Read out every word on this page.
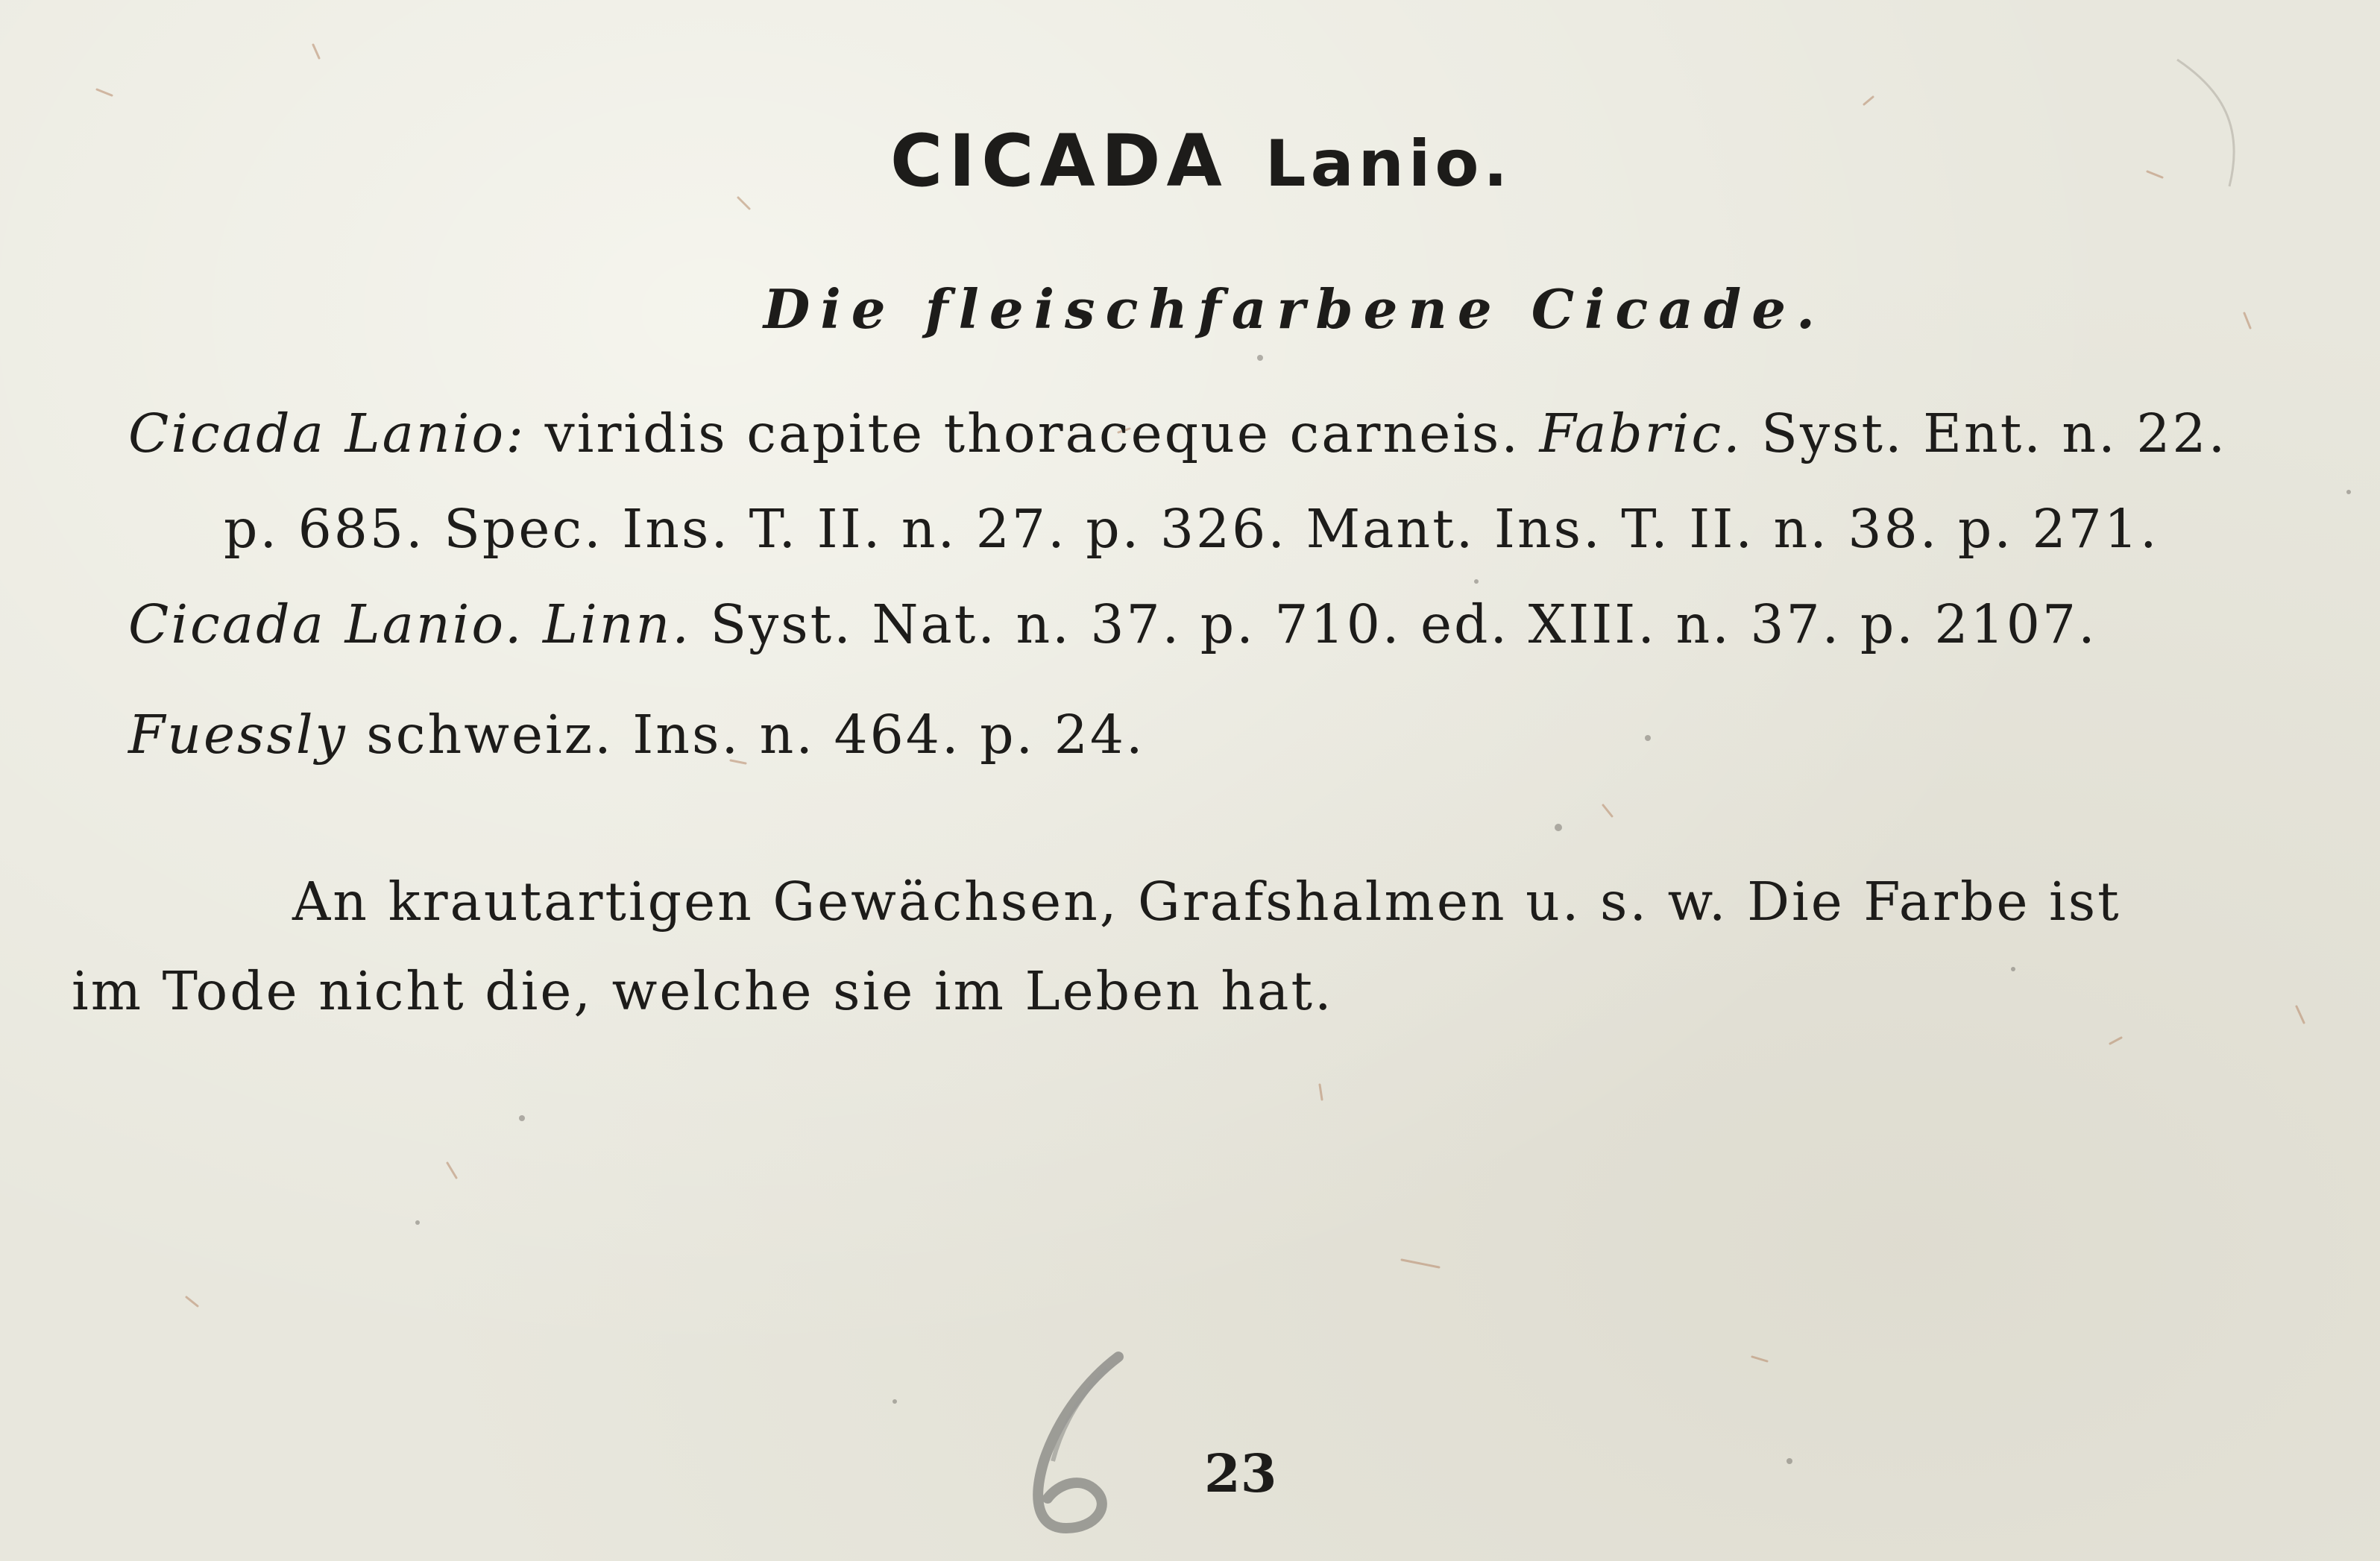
CICADA Lanio.
Die fleischfarbene Cicade.
Cicada Lanio: viridis capite thoraceque carneis. Fabric. Syst. Ent. n. 22.
p. 685. Spec. Ins. T. II. n. 27. p. 326. Mant. Ins. T. II. n. 38. p. 271.
Cicada Lanio. Linn. Syst. Nat. n. 37. p. 710. ed. XIII. n. 37. p. 2107.
Fuessly schweiz. Ins. n. 464. p. 24.
An krautartigen Gewächsen, Grafshalmen u. s. w. Die Farbe ist
im Tode nicht die, welche sie im Leben hat.
23
